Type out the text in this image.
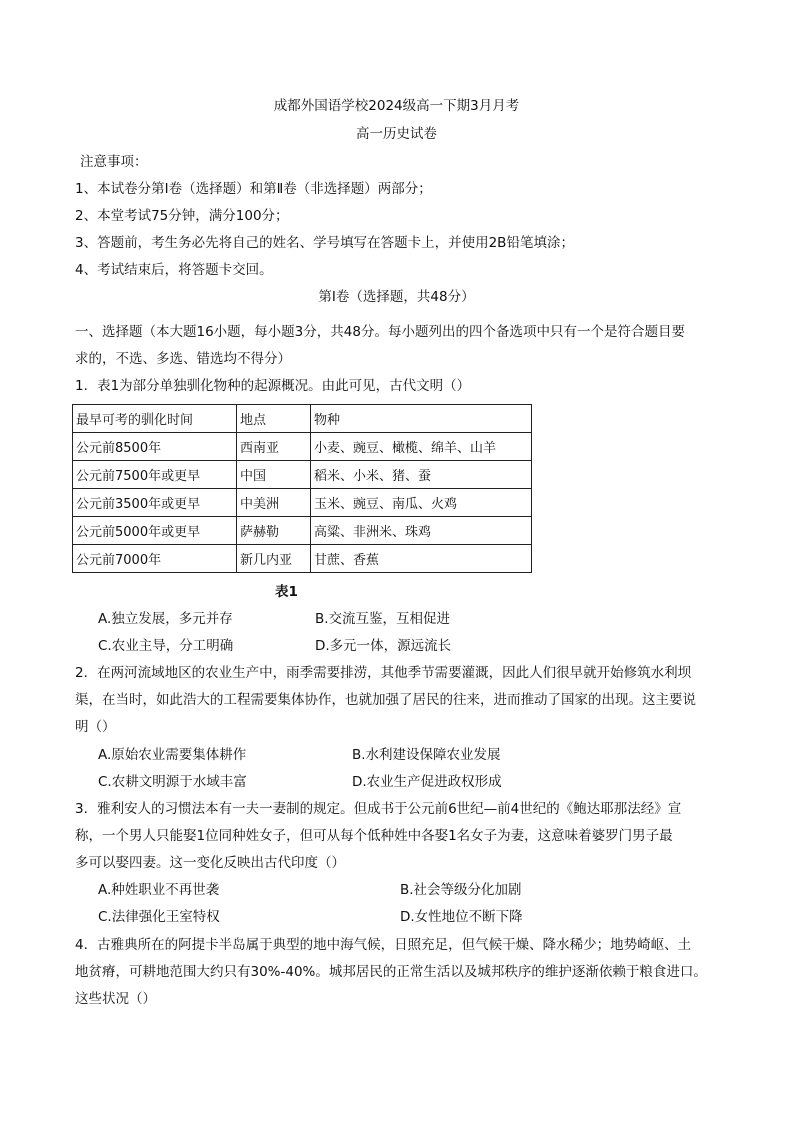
成都外国语学校2024级高一下期3月月考
高一历史试卷
注意事项：
1、本试卷分第Ⅰ卷（选择题）和第Ⅱ卷（非选择题）两部分；
2、本堂考试75分钟，满分100分；
3、答题前，考生务必先将自己的姓名、学号填写在答题卡上，并使用2B铅笔填涂；
4、考试结束后，将答题卡交回。
第Ⅰ卷（选择题，共48分）
一、选择题（本大题16小题，每小题3分，共48分。每小题列出的四个备选项中只有一个是符合题目要
求的，不选、多选、错选均不得分）
1．表1为部分单独驯化物种的起源概况。由此可见，古代文明（）
最早可考的驯化时间	地点	物种
公元前8500年	西南亚	小麦、豌豆、橄榄、绵羊、山羊
公元前7500年或更早	中国	稻米、小米、猪、蚕
公元前3500年或更早	中美洲	玉米、豌豆、南瓜、火鸡
公元前5000年或更早	萨赫勒	高粱、非洲米、珠鸡
公元前7000年	新几内亚	甘蔗、香蕉
表1
A.独立发展，多元并存	B.交流互鉴，互相促进
C.农业主导，分工明确	D.多元一体，源远流长
2．在两河流域地区的农业生产中，雨季需要排涝，其他季节需要灌溉，因此人们很早就开始修筑水利坝
渠，在当时，如此浩大的工程需要集体协作，也就加强了居民的往来，进而推动了国家的出现。这主要说
明（）
A.原始农业需要集体耕作	B.水利建设保障农业发展
C.农耕文明源于水域丰富	D.农业生产促进政权形成
3．雅利安人的习惯法本有一夫一妻制的规定。但成书于公元前6世纪—前4世纪的《鲍达耶那法经》宣
称，一个男人只能娶1位同种姓女子，但可从每个低种姓中各娶1名女子为妻，这意味着婆罗门男子最
多可以娶四妻。这一变化反映出古代印度（）
A.种姓职业不再世袭	B.社会等级分化加剧
C.法律强化王室特权	D.女性地位不断下降
4．古雅典所在的阿提卡半岛属于典型的地中海气候，日照充足，但气候干燥、降水稀少；地势崎岖、土
地贫瘠，可耕地范围大约只有30%-40%。城邦居民的正常生活以及城邦秩序的维护逐渐依赖于粮食进口。
这些状况（）
